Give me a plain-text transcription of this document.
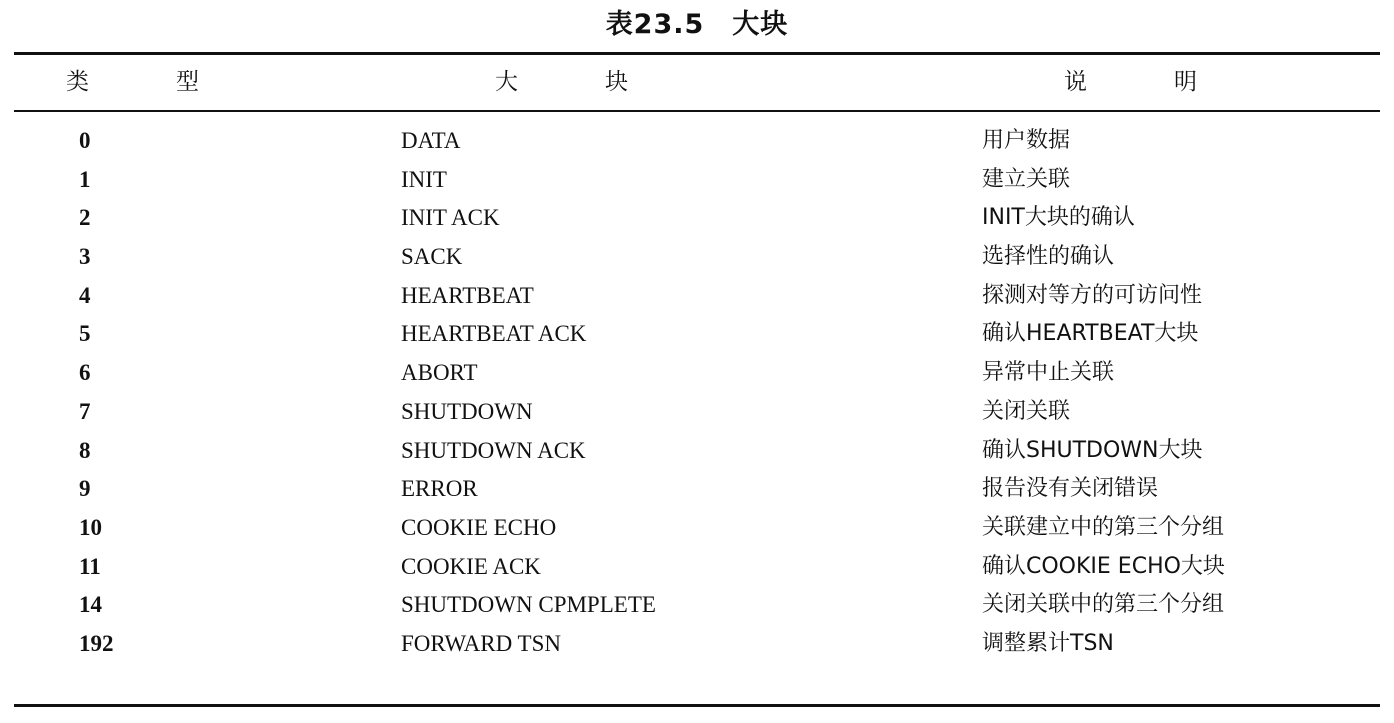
表23.5　大块
类　型	大　块	说　明
0	DATA	用户数据
1	INIT	建立关联
2	INIT ACK	INIT大块的确认
3	SACK	选择性的确认
4	HEARTBEAT	探测对等方的可访问性
5	HEARTBEAT ACK	确认HEARTBEAT大块
6	ABORT	异常中止关联
7	SHUTDOWN	关闭关联
8	SHUTDOWN ACK	确认SHUTDOWN大块
9	ERROR	报告没有关闭错误
10	COOKIE ECHO	关联建立中的第三个分组
11	COOKIE ACK	确认COOKIE ECHO大块
14	SHUTDOWN CPMPLETE	关闭关联中的第三个分组
192	FORWARD TSN	调整累计TSN
